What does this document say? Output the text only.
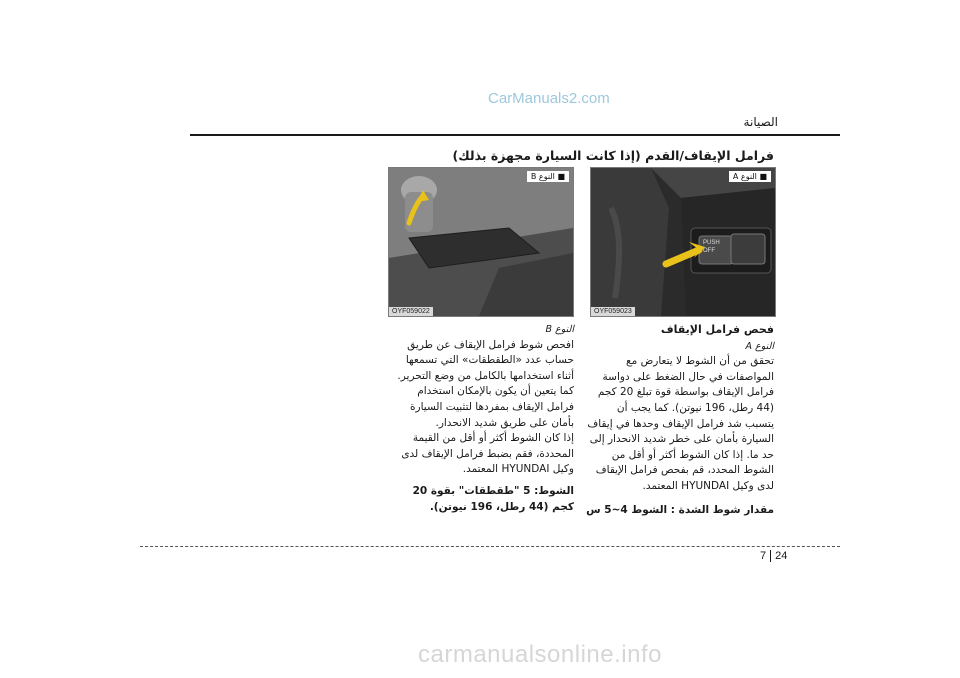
CarManuals2.com
الصيانة
فرامل الإيقاف/القدم (إذا كانت السيارة مجهزة بذلك)
PUSH
OFF
■ النوع A
OYF059023
■ النوع B
OYF059022
فحص فرامل الإيقاف
النوع A

تحقق من أن الشوط لا يتعارض مع المواصفات في حال الضغط على دواسة فرامل الإيقاف بواسطة قوة تبلغ 20 كجم (44 رطل، 196 نيوتن). كما يجب أن يتسبب شد فرامل الإيقاف وحدها في إيقاف السيارة بأمان على خطر شديد الانحدار إلى حد ما. إذا كان الشوط أكثر أو أقل من الشوط المحدد، قم بفحص فرامل الإيقاف لدى وكيل HYUNDAI المعتمد.

مقدار شوط الشدة : الشوط 4~5 س
النوع B

افحص شوط فرامل الإيقاف عن طريق حساب عدد «الطقطقات» التي تسمعها أثناء استخدامها بالكامل من وضع التحرير.

كما يتعين أن يكون بالإمكان استخدام فرامل الإيقاف بمفردها لتثبيت السيارة بأمان على طريق شديد الانحدار.

إذا كان الشوط أكثر أو أقل من القيمة المحددة، فقم بضبط فرامل الإيقاف لدى وكيل HYUNDAI المعتمد.

الشوط: 5 "طقطقات" بقوة 20 كجم (44 رطل، 196 نيوتن).
7 24
carmanualsonline.info
